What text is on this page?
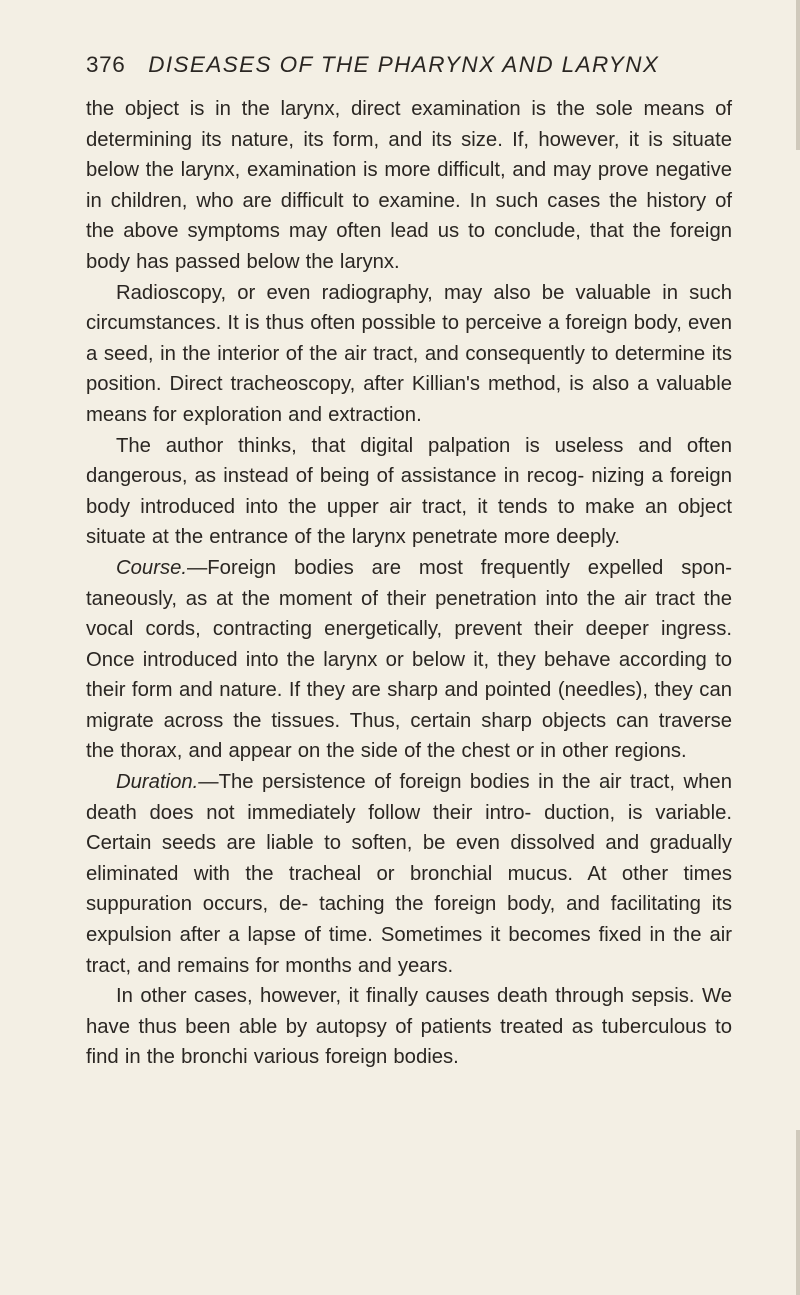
376 DISEASES OF THE PHARYNX AND LARYNX

the object is in the larynx, direct examination is the sole means of determining its nature, its form, and its size. If, however, it is situate below the larynx, examination is more difficult, and may prove negative in children, who are difficult to examine. In such cases the history of the above symptoms may often lead us to conclude, that the foreign body has passed below the larynx.

Radioscopy, or even radiography, may also be valuable in such circumstances. It is thus often possible to perceive a foreign body, even a seed, in the interior of the air tract, and consequently to determine its position. Direct tracheoscopy, after Killian's method, is also a valuable means for exploration and extraction.

The author thinks, that digital palpation is useless and often dangerous, as instead of being of assistance in recog- nizing a foreign body introduced into the upper air tract, it tends to make an object situate at the entrance of the larynx penetrate more deeply.

Course.—Foreign bodies are most frequently expelled spon- taneously, as at the moment of their penetration into the air tract the vocal cords, contracting energetically, prevent their deeper ingress. Once introduced into the larynx or below it, they behave according to their form and nature. If they are sharp and pointed (needles), they can migrate across the tissues. Thus, certain sharp objects can traverse the thorax, and appear on the side of the chest or in other regions.

Duration.—The persistence of foreign bodies in the air tract, when death does not immediately follow their intro- duction, is variable. Certain seeds are liable to soften, be even dissolved and gradually eliminated with the tracheal or bronchial mucus. At other times suppuration occurs, de- taching the foreign body, and facilitating its expulsion after a lapse of time. Sometimes it becomes fixed in the air tract, and remains for months and years.

In other cases, however, it finally causes death through sepsis. We have thus been able by autopsy of patients treated as tuberculous to find in the bronchi various foreign bodies.
